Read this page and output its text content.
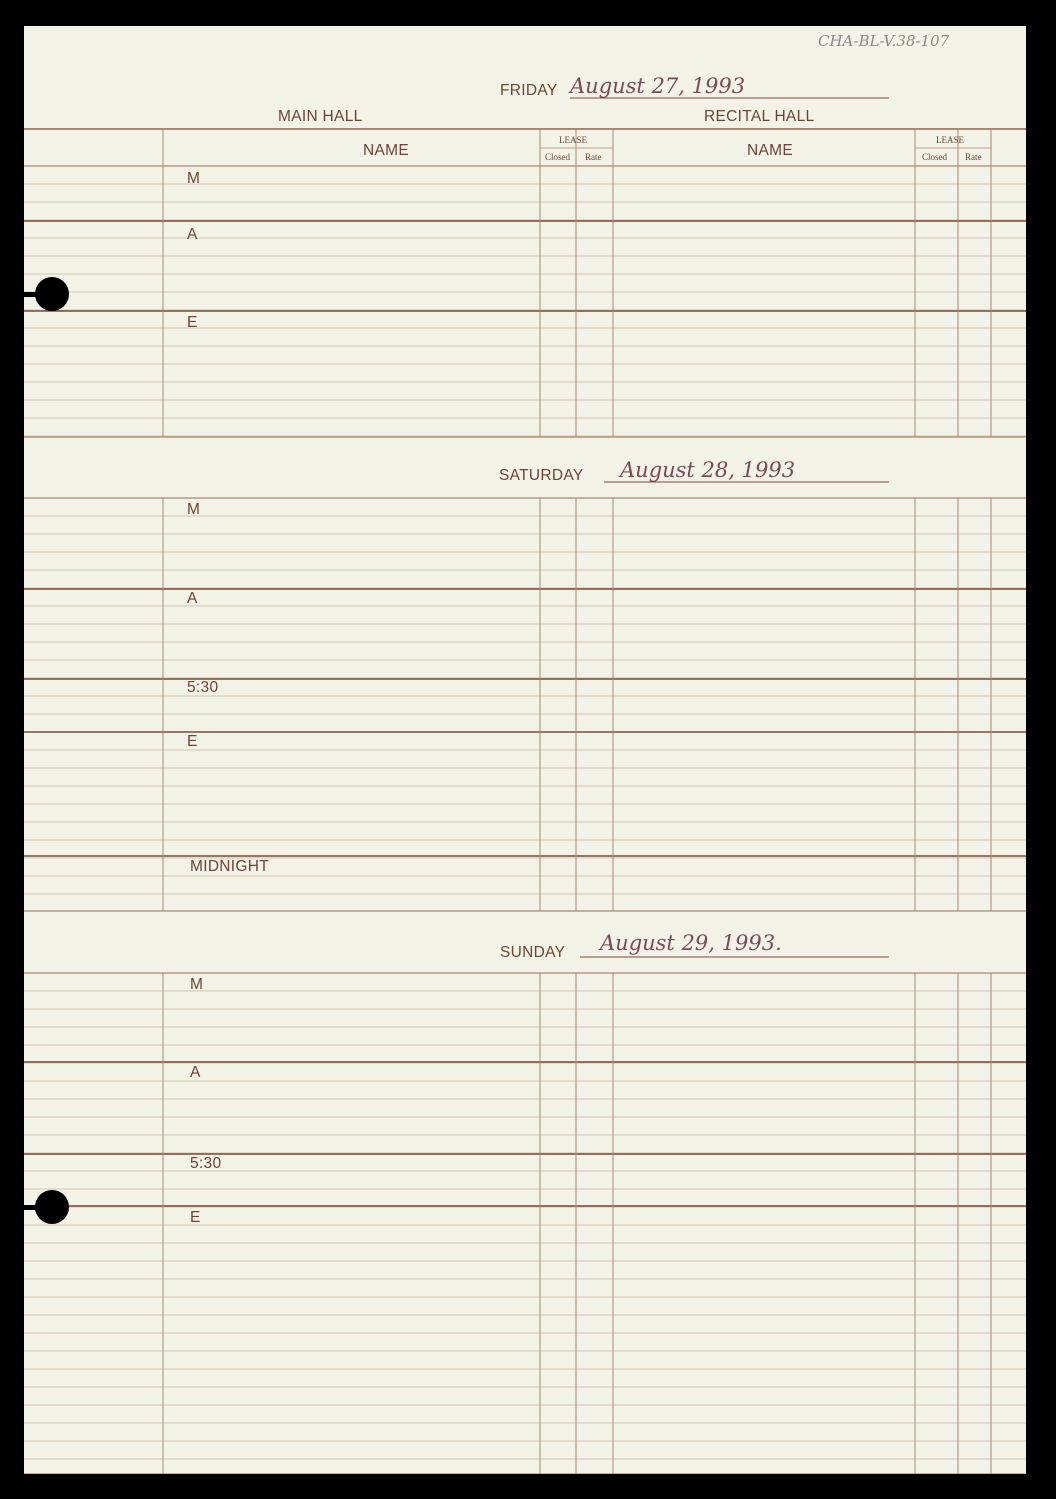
CHA-BL-V.38-107
FRIDAY August 27, 1993
MAIN HALL	RECITAL HALL
NAME
LEASE
Closed Rate	NAME
LEASE
Closed Rate
M
A
E
SATURDAY August 28, 1993
M
A
5:30
E
MIDNIGHT
SUNDAY August 29, 1993.
M
A
5:30
E
